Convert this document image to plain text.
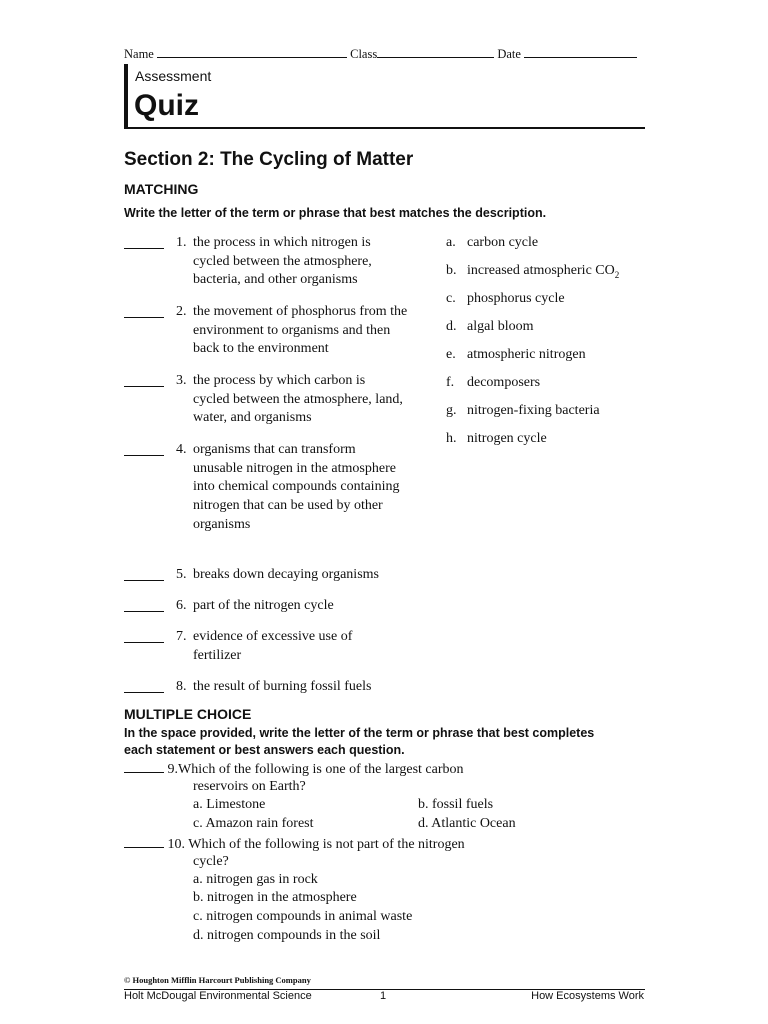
Name	Class	Date
Assessment
Quiz
Section 2: The Cycling of Matter
MATCHING
Write the letter of the term or phrase that best matches the description.
1. the process in which nitrogen is cycled between the atmosphere, bacteria, and other organisms
2. the movement of phosphorus from the environment to organisms and then back to the environment
3. the process by which carbon is cycled between the atmosphere, land, water, and organisms
4. organisms that can transform unusable nitrogen in the atmosphere into chemical compounds containing nitrogen that can be used by other organisms
5. breaks down decaying organisms
6. part of the nitrogen cycle
7. evidence of excessive use of fertilizer
8. the result of burning fossil fuels
a. carbon cycle
b. increased atmospheric $CO_2$
c. phosphorus cycle
d. algal bloom
e. atmospheric nitrogen
f. decomposers
g. nitrogen-fixing bacteria
h. nitrogen cycle
MULTIPLE CHOICE
In the space provided, write the letter of the term or phrase that best completes
each statement or best answers each question.
9.Which of the following is one of the largest carbon
reservoirs on Earth?
a. Limestone	b. fossil fuels
c. Amazon rain forest	d. Atlantic Ocean
10. Which of the following is not part of the nitrogen
cycle?
a. nitrogen gas in rock
b. nitrogen in the atmosphere
c. nitrogen compounds in animal waste
d. nitrogen compounds in the soil
© Houghton Mifflin Harcourt Publishing Company
Holt McDougal Environmental Science	1	How Ecosystems Work
